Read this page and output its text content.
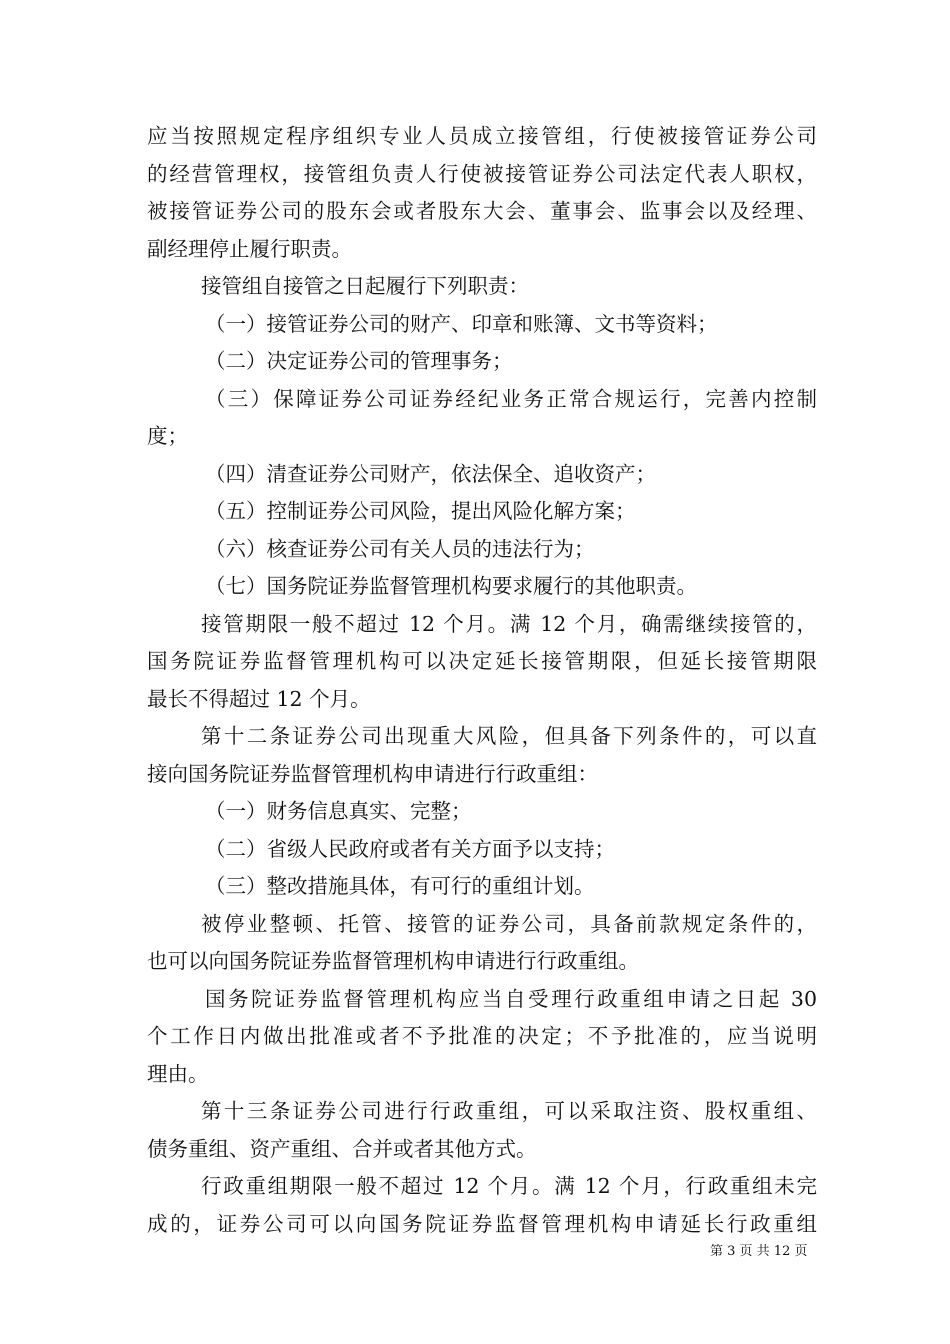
应当按照规定程序组织专业人员成立接管组，行使被接管证券公司
的经营管理权，接管组负责人行使被接管证券公司法定代表人职权，
被接管证券公司的股东会或者股东大会、董事会、监事会以及经理、
副经理停止履行职责。
接管组自接管之日起履行下列职责：
（一）接管证券公司的财产、印章和账簿、文书等资料；
（二）决定证券公司的管理事务；
（三）保障证券公司证券经纪业务正常合规运行，完善内控制
度；
（四）清查证券公司财产，依法保全、追收资产；
（五）控制证券公司风险，提出风险化解方案；
（六）核查证券公司有关人员的违法行为；
（七）国务院证券监督管理机构要求履行的其他职责。
接管期限一般不超过 12 个月。满 12 个月，确需继续接管的，
国务院证券监督管理机构可以决定延长接管期限，但延长接管期限
最长不得超过 12 个月。
第十二条证券公司出现重大风险，但具备下列条件的，可以直
接向国务院证券监督管理机构申请进行行政重组：
（一）财务信息真实、完整；
（二）省级人民政府或者有关方面予以支持；
（三）整改措施具体，有可行的重组计划。
被停业整顿、托管、接管的证券公司，具备前款规定条件的，
也可以向国务院证券监督管理机构申请进行行政重组。
国务院证券监督管理机构应当自受理行政重组申请之日起 30
个工作日内做出批准或者不予批准的决定；不予批准的，应当说明
理由。
第十三条证券公司进行行政重组，可以采取注资、股权重组、
债务重组、资产重组、合并或者其他方式。
行政重组期限一般不超过 12 个月。满 12 个月，行政重组未完
成的，证券公司可以向国务院证券监督管理机构申请延长行政重组
第 3 页 共 12 页
